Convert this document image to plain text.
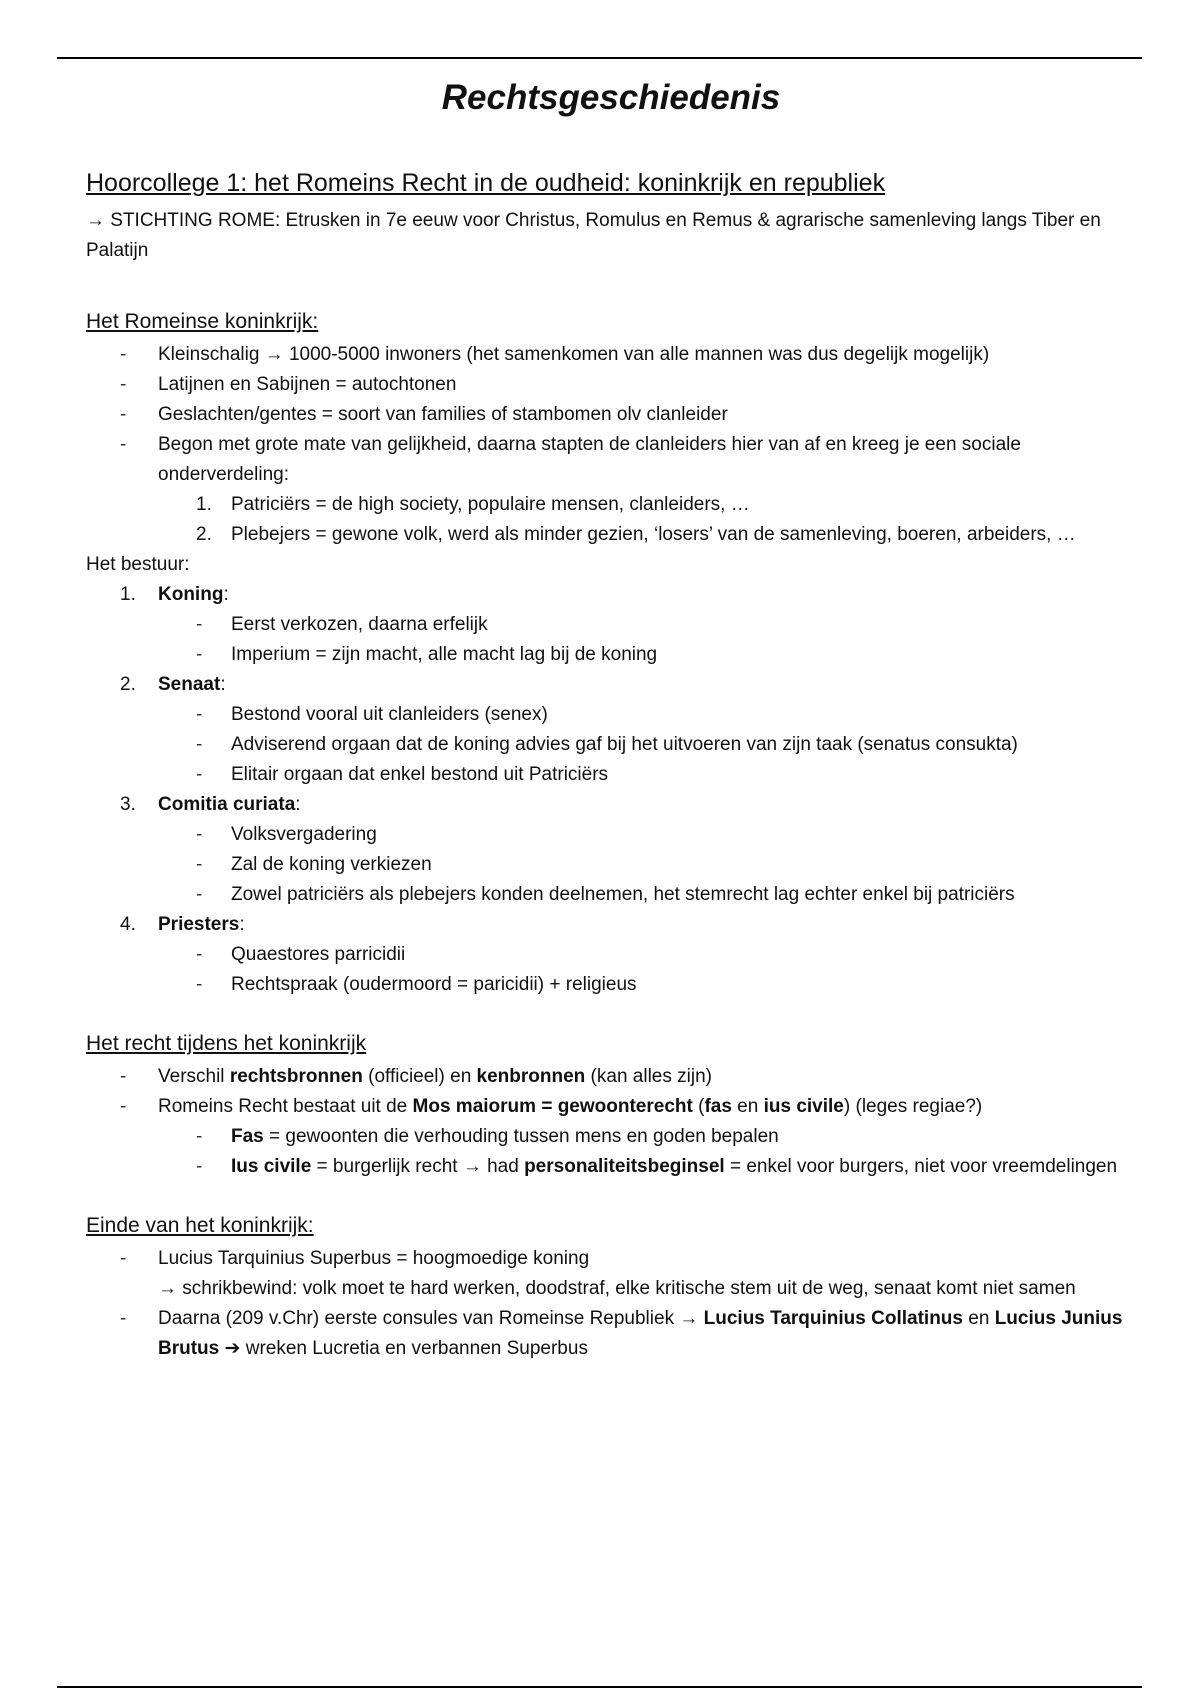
Rechtsgeschiedenis
Hoorcollege 1: het Romeins Recht in de oudheid: koninkrijk en republiek

→ STICHTING ROME: Etrusken in 7e eeuw voor Christus, Romulus en Remus & agrarische samenleving langs Tiber en Palatijn

Het Romeinse koninkrijk:
- Kleinschalig → 1000-5000 inwoners (het samenkomen van alle mannen was dus degelijk mogelijk)
- Latijnen en Sabijnen = autochtonen
- Geslachten/gentes = soort van families of stambomen olv clanleider
- Begon met grote mate van gelijkheid, daarna stapten de clanleiders hier van af en kreeg je een sociale onderverdeling:
1. Patriciërs = de high society, populaire mensen, clanleiders, …
2. Plebejers = gewone volk, werd als minder gezien, ‘losers’ van de samenleving, boeren, arbeiders, …

Het bestuur:

1. Koning:
- Eerst verkozen, daarna erfelijk
- Imperium = zijn macht, alle macht lag bij de koning
2. Senaat:
- Bestond vooral uit clanleiders (senex)
- Adviserend orgaan dat de koning advies gaf bij het uitvoeren van zijn taak (senatus consukta)
- Elitair orgaan dat enkel bestond uit Patriciërs
3. Comitia curiata:
- Volksvergadering
- Zal de koning verkiezen
- Zowel patriciërs als plebejers konden deelnemen, het stemrecht lag echter enkel bij patriciërs
4. Priesters:
- Quaestores parricidii
- Rechtspraak (oudermoord = paricidii) + religieus
Het recht tijdens het koninkrijk
- Verschil rechtsbronnen (officieel) en kenbronnen (kan alles zijn)
- Romeins Recht bestaat uit de Mos maiorum = gewoonterecht (fas en ius civile) (leges regiae?)
- Fas = gewoonten die verhouding tussen mens en goden bepalen
- Ius civile = burgerlijk recht → had personaliteitsbeginsel = enkel voor burgers, niet voor vreemdelingen
Einde van het koninkrijk:
- Lucius Tarquinius Superbus = hoogmoedige koning
→ schrikbewind: volk moet te hard werken, doodstraf, elke kritische stem uit de weg, senaat komt niet samen
- Daarna (209 v.Chr) eerste consules van Romeinse Republiek → Lucius Tarquinius Collatinus en Lucius Junius Brutus ➔ wreken Lucretia en verbannen Superbus
